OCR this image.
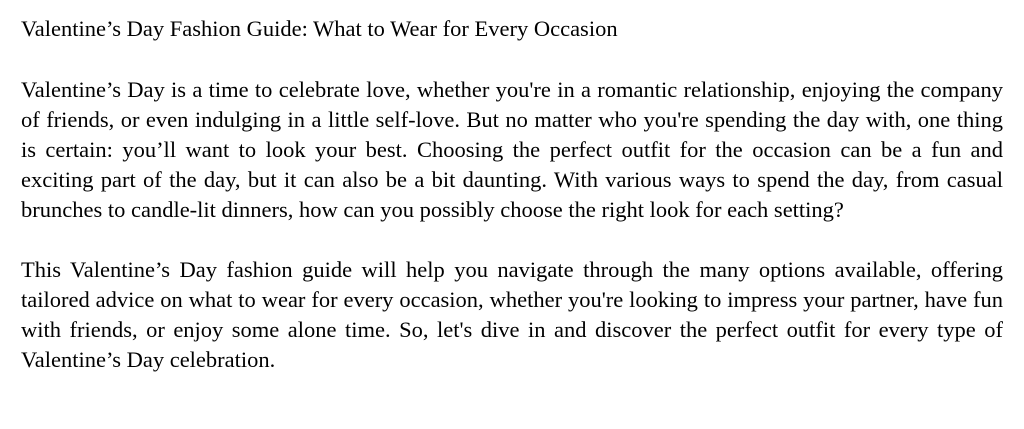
Valentine’s Day Fashion Guide: What to Wear for Every Occasion

Valentine’s Day is a time to celebrate love, whether you're in a romantic relationship, enjoying the company of friends, or even indulging in a little self-love. But no matter who you're spending the day with, one thing is certain: you’ll want to look your best. Choosing the perfect outfit for the occasion can be a fun and exciting part of the day, but it can also be a bit daunting. With various ways to spend the day, from casual brunches to candle-lit dinners, how can you possibly choose the right look for each setting?

This Valentine’s Day fashion guide will help you navigate through the many options available, offering tailored advice on what to wear for every occasion, whether you're looking to impress your partner, have fun with friends, or enjoy some alone time. So, let's dive in and discover the perfect outfit for every type of Valentine’s Day celebration.
